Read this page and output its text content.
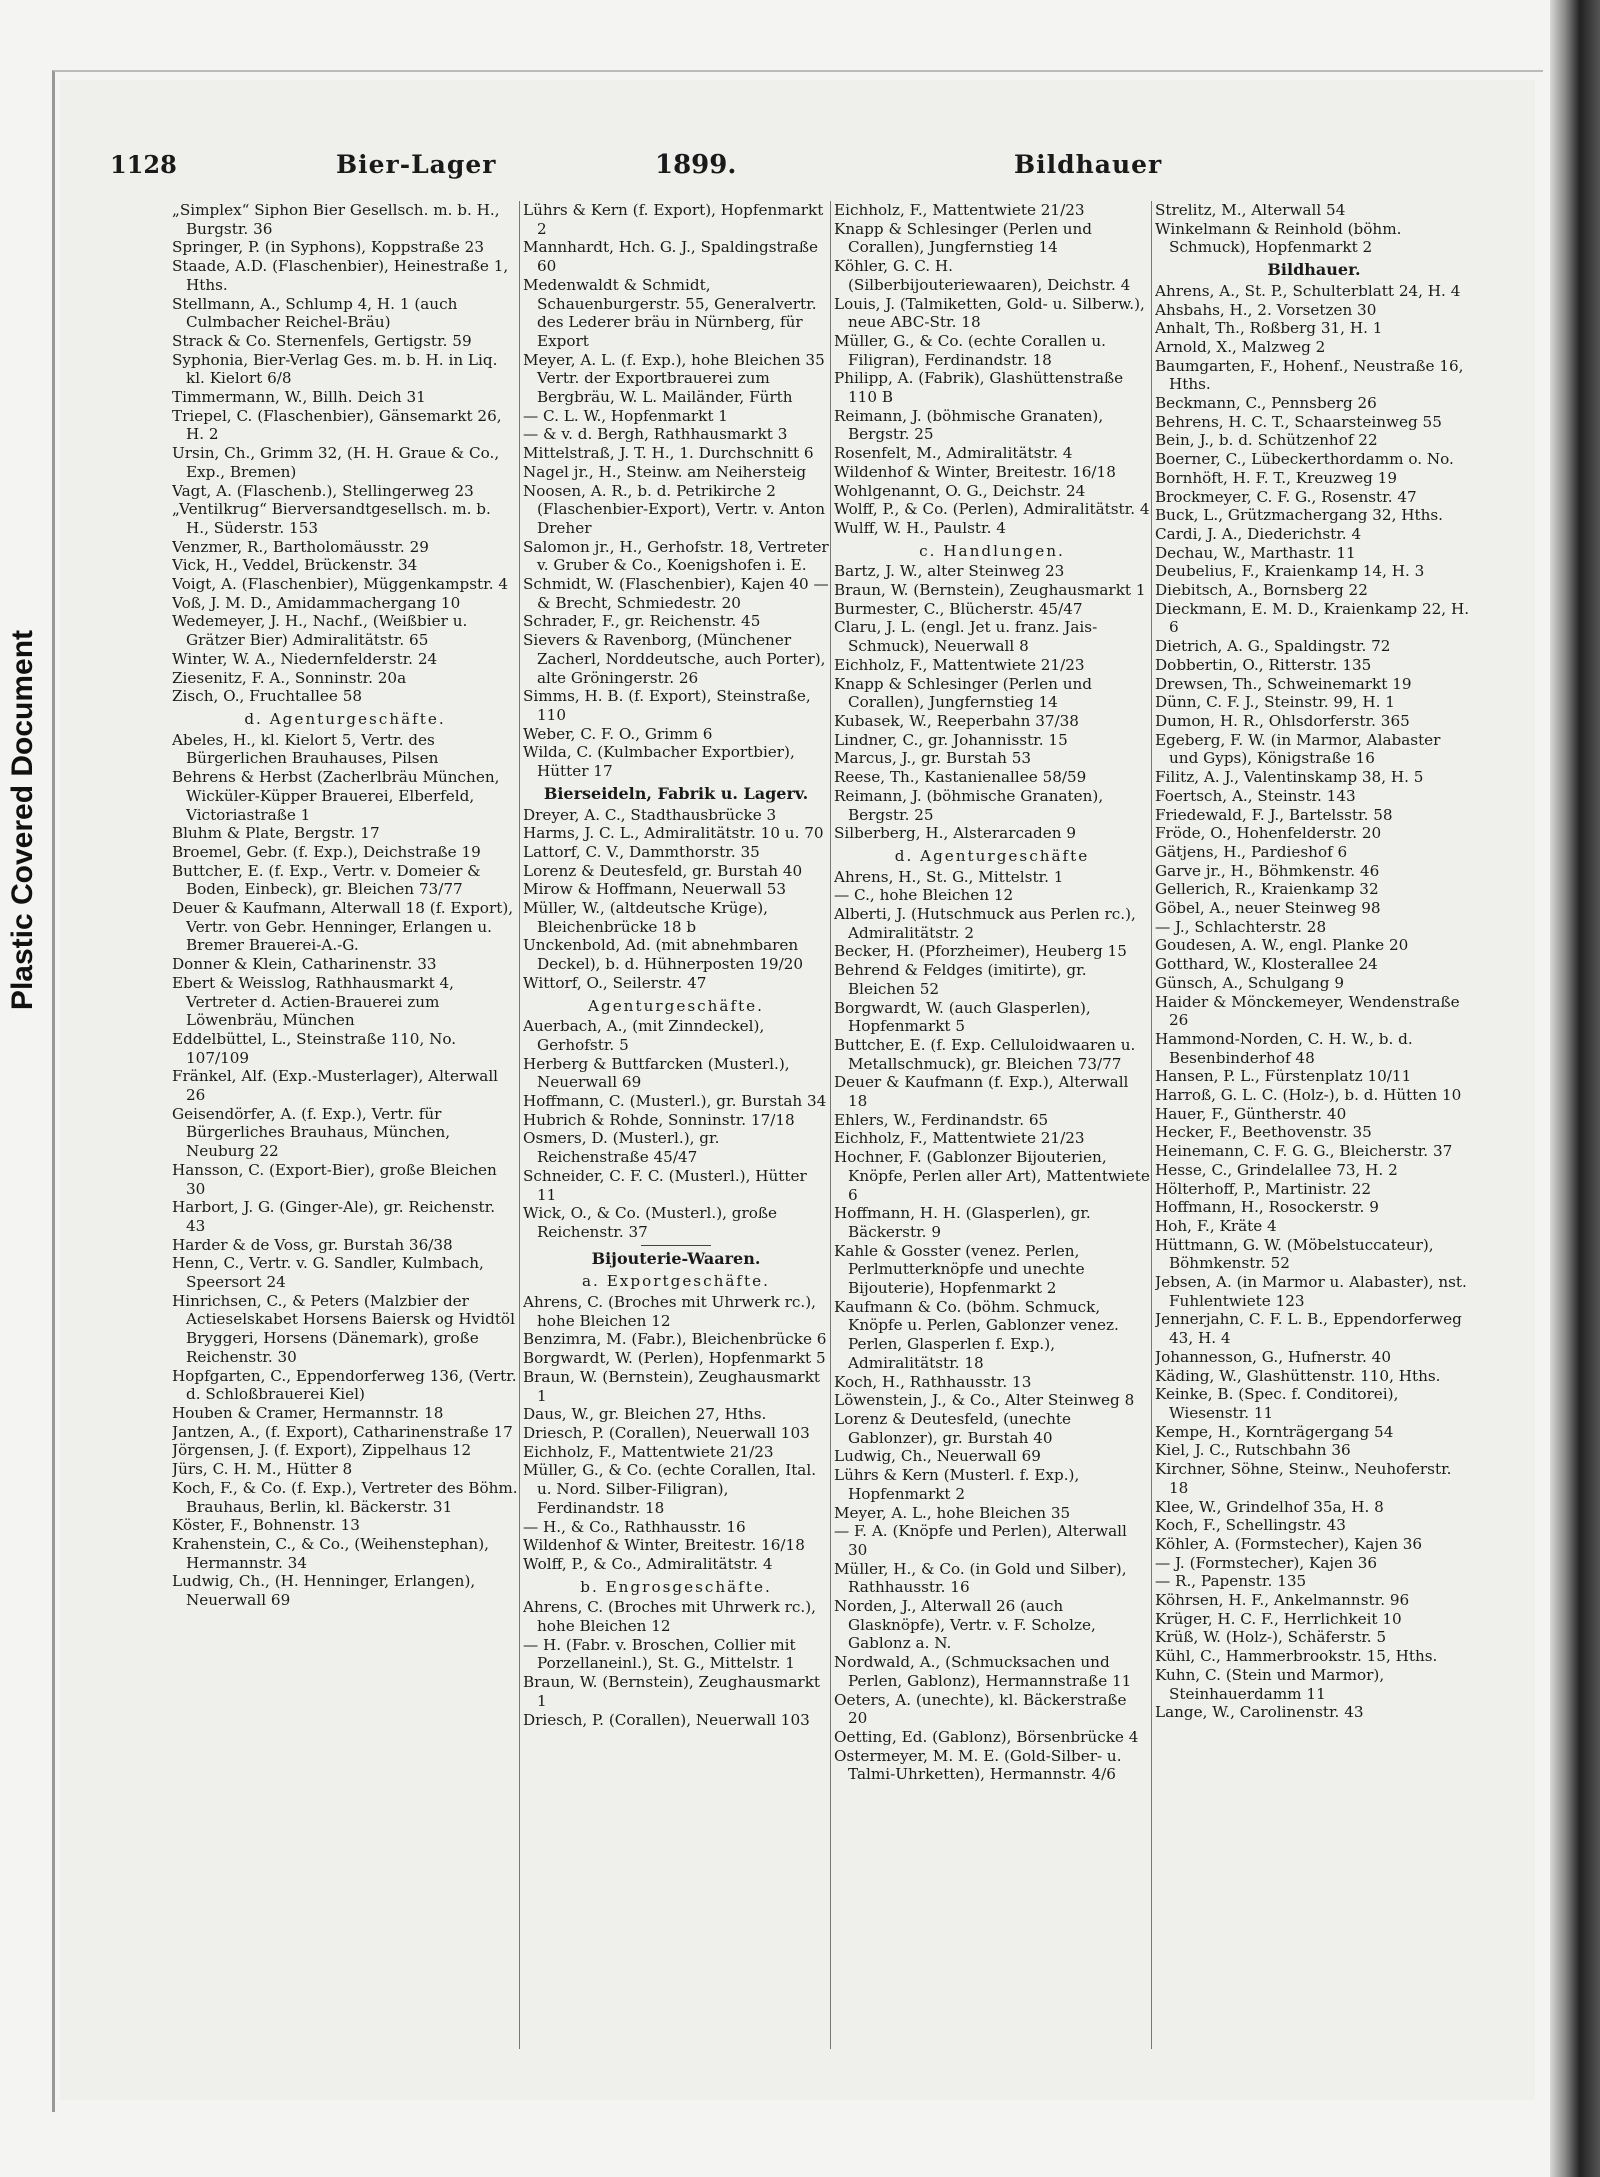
Plastic Covered Document
1128	Bier-Lager	1899.	Bildhauer

„Simplex“ Siphon Bier Gesellsch. m. b. H., Burgstr. 36

Springer, P. (in Syphons), Koppstraße 23

Staade, A.D. (Flaschenbier), Heinestraße 1, Hths.

Stellmann, A., Schlump 4, H. 1 (auch Culmbacher Reichel-Bräu)

Strack & Co. Sternenfels, Gertigstr. 59

Syphonia, Bier-Verlag Ges. m. b. H. in Liq. kl. Kielort 6/8

Timmermann, W., Billh. Deich 31

Triepel, C. (Flaschenbier), Gänsemarkt 26, H. 2

Ursin, Ch., Grimm 32, (H. H. Graue & Co., Exp., Bremen)

Vagt, A. (Flaschenb.), Stellingerweg 23

„Ventilkrug“ Bierversandtgesellsch. m. b. H., Süderstr. 153

Venzmer, R., Bartholomäusstr. 29

Vick, H., Veddel, Brückenstr. 34

Voigt, A. (Flaschenbier), Müggenkampstr. 4

Voß, J. M. D., Amidammachergang 10

Wedemeyer, J. H., Nachf., (Weißbier u. Grätzer Bier) Admiralitätstr. 65

Winter, W. A., Niedernfelderstr. 24

Ziesenitz, F. A., Sonninstr. 20a

Zisch, O., Fruchtallee 58

d. Agenturgeschäfte.

Abeles, H., kl. Kielort 5, Vertr. des Bürgerlichen Brauhauses, Pilsen

Behrens & Herbst (Zacherlbräu München, Wicküler-Küpper Brauerei, Elberfeld, Victoriastraße 1

Bluhm & Plate, Bergstr. 17

Broemel, Gebr. (f. Exp.), Deichstraße 19

Buttcher, E. (f. Exp., Vertr. v. Domeier & Boden, Einbeck), gr. Bleichen 73/77

Deuer & Kaufmann, Alterwall 18 (f. Export), Vertr. von Gebr. Henninger, Erlangen u. Bremer Brauerei-A.-G.

Donner & Klein, Catharinenstr. 33

Ebert & Weisslog, Rathhausmarkt 4, Vertreter d. Actien-Brauerei zum Löwenbräu, München

Eddelbüttel, L., Steinstraße 110, No. 107/109

Fränkel, Alf. (Exp.-Musterlager), Alterwall 26

Geisendörfer, A. (f. Exp.), Vertr. für Bürgerliches Brauhaus, München, Neuburg 22

Hansson, C. (Export-Bier), große Bleichen 30

Harbort, J. G. (Ginger-Ale), gr. Reichenstr. 43

Harder & de Voss, gr. Burstah 36/38

Henn, C., Vertr. v. G. Sandler, Kulmbach, Speersort 24

Hinrichsen, C., & Peters (Malzbier der Actieselskabet Horsens Baiersk og Hvidtöl Bryggeri, Horsens (Dänemark), große Reichenstr. 30

Hopfgarten, C., Eppendorferweg 136, (Vertr. d. Schloßbrauerei Kiel)

Houben & Cramer, Hermannstr. 18

Jantzen, A., (f. Export), Catharinenstraße 17

Jörgensen, J. (f. Export), Zippelhaus 12

Jürs, C. H. M., Hütter 8

Koch, F., & Co. (f. Exp.), Vertreter des Böhm. Brauhaus, Berlin, kl. Bäckerstr. 31

Köster, F., Bohnenstr. 13

Krahenstein, C., & Co., (Weihenstephan), Hermannstr. 34

Ludwig, Ch., (H. Henninger, Erlangen), Neuerwall 69

Lührs & Kern (f. Export), Hopfenmarkt 2

Mannhardt, Hch. G. J., Spaldingstraße 60

Medenwaldt & Schmidt, Schauenburgerstr. 55, Generalvertr. des Lederer bräu in Nürnberg, für Export

Meyer, A. L. (f. Exp.), hohe Bleichen 35 Vertr. der Exportbrauerei zum Bergbräu, W. L. Mailänder, Fürth

— C. L. W., Hopfenmarkt 1

— & v. d. Bergh, Rathhausmarkt 3

Mittelstraß, J. T. H., 1. Durchschnitt 6

Nagel jr., H., Steinw. am Neihersteig

Noosen, A. R., b. d. Petrikirche 2 (Flaschenbier-Export), Vertr. v. Anton Dreher

Salomon jr., H., Gerhofstr. 18, Vertreter v. Gruber & Co., Koenigshofen i. E.

Schmidt, W. (Flaschenbier), Kajen 40 — & Brecht, Schmiedestr. 20

Schrader, F., gr. Reichenstr. 45

Sievers & Ravenborg, (Münchener Zacherl, Norddeutsche, auch Porter), alte Gröningerstr. 26

Simms, H. B. (f. Export), Steinstraße, 110

Weber, C. F. O., Grimm 6

Wilda, C. (Kulmbacher Exportbier), Hütter 17

Bierseideln, Fabrik u. Lagerv.

Dreyer, A. C., Stadthausbrücke 3

Harms, J. C. L., Admiralitätstr. 10 u. 70

Lattorf, C. V., Dammthorstr. 35

Lorenz & Deutesfeld, gr. Burstah 40

Mirow & Hoffmann, Neuerwall 53

Müller, W., (altdeutsche Krüge), Bleichenbrücke 18 b

Unckenbold, Ad. (mit abnehmbaren Deckel), b. d. Hühnerposten 19/20

Wittorf, O., Seilerstr. 47

Agenturgeschäfte.

Auerbach, A., (mit Zinndeckel), Gerhofstr. 5

Herberg & Buttfarcken (Musterl.), Neuerwall 69

Hoffmann, C. (Musterl.), gr. Burstah 34

Hubrich & Rohde, Sonninstr. 17/18

Osmers, D. (Musterl.), gr. Reichenstraße 45/47

Schneider, C. F. C. (Musterl.), Hütter 11

Wick, O., & Co. (Musterl.), große Reichenstr. 37

Bijouterie-Waaren.

a. Exportgeschäfte.

Ahrens, C. (Broches mit Uhrwerk rc.), hohe Bleichen 12

Benzimra, M. (Fabr.), Bleichenbrücke 6

Borgwardt, W. (Perlen), Hopfenmarkt 5

Braun, W. (Bernstein), Zeughausmarkt 1

Daus, W., gr. Bleichen 27, Hths.

Driesch, P. (Corallen), Neuerwall 103

Eichholz, F., Mattentwiete 21/23

Müller, G., & Co. (echte Corallen, Ital. u. Nord. Silber-Filigran), Ferdinandstr. 18

— H., & Co., Rathhausstr. 16

Wildenhof & Winter, Breitestr. 16/18

Wolff, P., & Co., Admiralitätstr. 4

b. Engrosgeschäfte.

Ahrens, C. (Broches mit Uhrwerk rc.), hohe Bleichen 12

— H. (Fabr. v. Broschen, Collier mit Porzellaneinl.), St. G., Mittelstr. 1

Braun, W. (Bernstein), Zeughausmarkt 1

Driesch, P. (Corallen), Neuerwall 103

Eichholz, F., Mattentwiete 21/23

Knapp & Schlesinger (Perlen und Corallen), Jungfernstieg 14

Köhler, G. C. H. (Silberbijouteriewaaren), Deichstr. 4

Louis, J. (Talmiketten, Gold- u. Silberw.), neue ABC-Str. 18

Müller, G., & Co. (echte Corallen u. Filigran), Ferdinandstr. 18

Philipp, A. (Fabrik), Glashüttenstraße 110 B

Reimann, J. (böhmische Granaten), Bergstr. 25

Rosenfelt, M., Admiralitätstr. 4

Wildenhof & Winter, Breitestr. 16/18

Wohlgenannt, O. G., Deichstr. 24

Wolff, P., & Co. (Perlen), Admiralitätstr. 4

Wulff, W. H., Paulstr. 4

c. Handlungen.

Bartz, J. W., alter Steinweg 23

Braun, W. (Bernstein), Zeughausmarkt 1

Burmester, C., Blücherstr. 45/47

Claru, J. L. (engl. Jet u. franz. Jais-Schmuck), Neuerwall 8

Eichholz, F., Mattentwiete 21/23

Knapp & Schlesinger (Perlen und Corallen), Jungfernstieg 14

Kubasek, W., Reeperbahn 37/38

Lindner, C., gr. Johannisstr. 15

Marcus, J., gr. Burstah 53

Reese, Th., Kastanienallee 58/59

Reimann, J. (böhmische Granaten), Bergstr. 25

Silberberg, H., Alsterarcaden 9

d. Agenturgeschäfte

Ahrens, H., St. G., Mittelstr. 1

— C., hohe Bleichen 12

Alberti, J. (Hutschmuck aus Perlen rc.), Admiralitätstr. 2

Becker, H. (Pforzheimer), Heuberg 15

Behrend & Feldges (imitirte), gr. Bleichen 52

Borgwardt, W. (auch Glasperlen), Hopfenmarkt 5

Buttcher, E. (f. Exp. Celluloidwaaren u. Metallschmuck), gr. Bleichen 73/77

Deuer & Kaufmann (f. Exp.), Alterwall 18

Ehlers, W., Ferdinandstr. 65

Eichholz, F., Mattentwiete 21/23

Hochner, F. (Gablonzer Bijouterien, Knöpfe, Perlen aller Art), Mattentwiete 6

Hoffmann, H. H. (Glasperlen), gr. Bäckerstr. 9

Kahle & Gosster (venez. Perlen, Perlmutterknöpfe und unechte Bijouterie), Hopfenmarkt 2

Kaufmann & Co. (böhm. Schmuck, Knöpfe u. Perlen, Gablonzer venez. Perlen, Glasperlen f. Exp.), Admiralitätstr. 18

Koch, H., Rathhausstr. 13

Löwenstein, J., & Co., Alter Steinweg 8

Lorenz & Deutesfeld, (unechte Gablonzer), gr. Burstah 40

Ludwig, Ch., Neuerwall 69

Lührs & Kern (Musterl. f. Exp.), Hopfenmarkt 2

Meyer, A. L., hohe Bleichen 35

— F. A. (Knöpfe und Perlen), Alterwall 30

Müller, H., & Co. (in Gold und Silber), Rathhausstr. 16

Norden, J., Alterwall 26 (auch Glasknöpfe), Vertr. v. F. Scholze, Gablonz a. N.

Nordwald, A., (Schmucksachen und Perlen, Gablonz), Hermannstraße 11

Oeters, A. (unechte), kl. Bäckerstraße 20

Oetting, Ed. (Gablonz), Börsenbrücke 4

Ostermeyer, M. M. E. (Gold-Silber- u. Talmi-Uhrketten), Hermannstr. 4/6

Strelitz, M., Alterwall 54

Winkelmann & Reinhold (böhm. Schmuck), Hopfenmarkt 2

Bildhauer.

Ahrens, A., St. P., Schulterblatt 24, H. 4

Ahsbahs, H., 2. Vorsetzen 30

Anhalt, Th., Roßberg 31, H. 1

Arnold, X., Malzweg 2

Baumgarten, F., Hohenf., Neustraße 16, Hths.

Beckmann, C., Pennsberg 26

Behrens, H. C. T., Schaarsteinweg 55

Bein, J., b. d. Schützenhof 22

Boerner, C., Lübeckerthordamm o. No.

Bornhöft, H. F. T., Kreuzweg 19

Brockmeyer, C. F. G., Rosenstr. 47

Buck, L., Grützmachergang 32, Hths.

Cardi, J. A., Diederichstr. 4

Dechau, W., Marthastr. 11

Deubelius, F., Kraienkamp 14, H. 3

Diebitsch, A., Bornsberg 22

Dieckmann, E. M. D., Kraienkamp 22, H. 6

Dietrich, A. G., Spaldingstr. 72

Dobbertin, O., Ritterstr. 135

Drewsen, Th., Schweinemarkt 19

Dünn, C. F. J., Steinstr. 99, H. 1

Dumon, H. R., Ohlsdorferstr. 365

Egeberg, F. W. (in Marmor, Alabaster und Gyps), Königstraße 16

Filitz, A. J., Valentinskamp 38, H. 5

Foertsch, A., Steinstr. 143

Friedewald, F. J., Bartelsstr. 58

Fröde, O., Hohenfelderstr. 20

Gätjens, H., Pardieshof 6

Garve jr., H., Böhmkenstr. 46

Gellerich, R., Kraienkamp 32

Göbel, A., neuer Steinweg 98

— J., Schlachterstr. 28

Goudesen, A. W., engl. Planke 20

Gotthard, W., Klosterallee 24

Günsch, A., Schulgang 9

Haider & Mönckemeyer, Wendenstraße 26

Hammond-Norden, C. H. W., b. d. Besenbinderhof 48

Hansen, P. L., Fürstenplatz 10/11

Harroß, G. L. C. (Holz-), b. d. Hütten 10

Hauer, F., Güntherstr. 40

Hecker, F., Beethovenstr. 35

Heinemann, C. F. G. G., Bleicherstr. 37

Hesse, C., Grindelallee 73, H. 2

Hölterhoff, P., Martinistr. 22

Hoffmann, H., Rosockerstr. 9

Hoh, F., Kräte 4

Hüttmann, G. W. (Möbelstuccateur), Böhmkenstr. 52

Jebsen, A. (in Marmor u. Alabaster), nst. Fuhlentwiete 123

Jennerjahn, C. F. L. B., Eppendorferweg 43, H. 4

Johannesson, G., Hufnerstr. 40

Käding, W., Glashüttenstr. 110, Hths.

Keinke, B. (Spec. f. Conditorei), Wiesenstr. 11

Kempe, H., Kornträgergang 54

Kiel, J. C., Rutschbahn 36

Kirchner, Söhne, Steinw., Neuhoferstr. 18

Klee, W., Grindelhof 35a, H. 8

Koch, F., Schellingstr. 43

Köhler, A. (Formstecher), Kajen 36

— J. (Formstecher), Kajen 36

— R., Papenstr. 135

Köhrsen, H. F., Ankelmannstr. 96

Krüger, H. C. F., Herrlichkeit 10

Krüß, W. (Holz-), Schäferstr. 5

Kühl, C., Hammerbrookstr. 15, Hths.

Kuhn, C. (Stein und Marmor), Steinhauerdamm 11

Lange, W., Carolinenstr. 43
